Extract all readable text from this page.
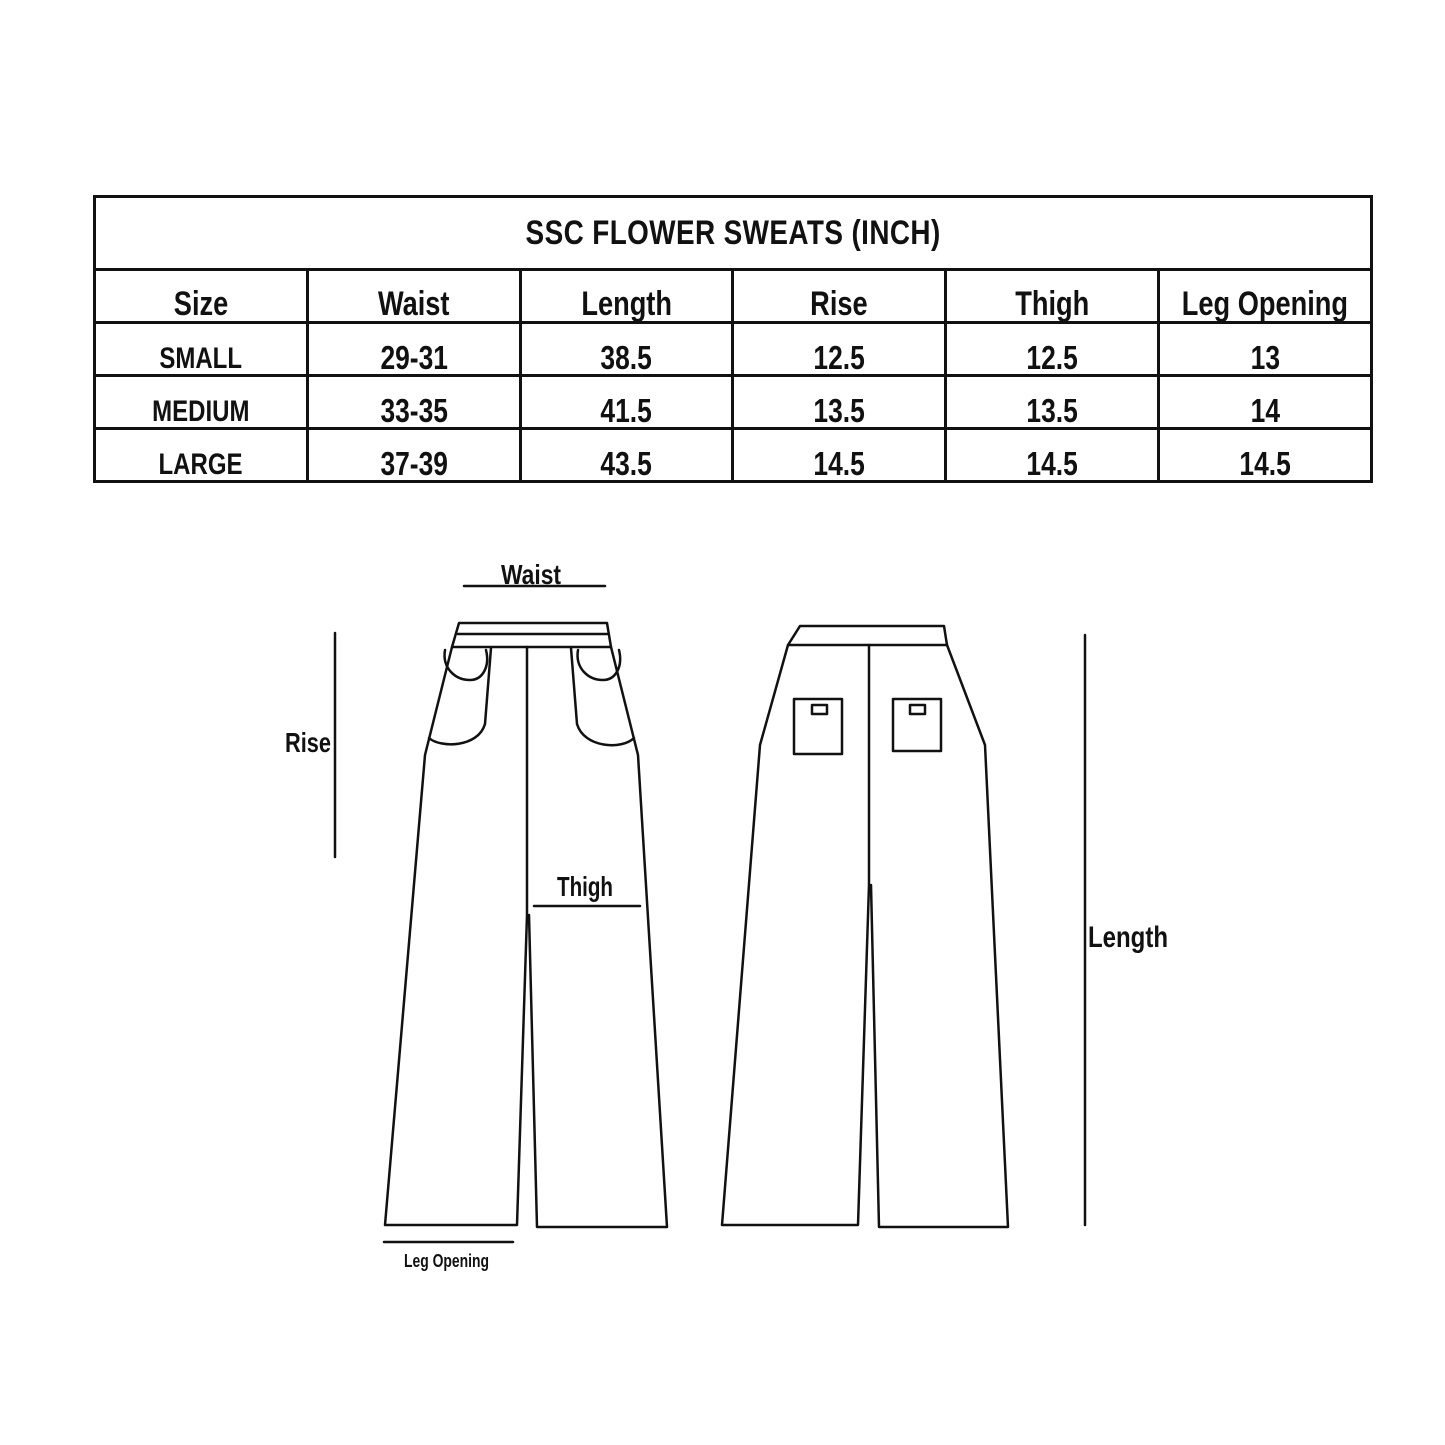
SSC FLOWER SWEATS (INCH)					
Size	Waist	Length	Rise	Thigh	Leg Opening
SMALL	29-31	38.5	12.5	12.5	13
MEDIUM	33-35	41.5	13.5	13.5	14
LARGE	37-39	43.5	14.5	14.5	14.5
Waist
Rise
Thigh
Length
Leg Opening
